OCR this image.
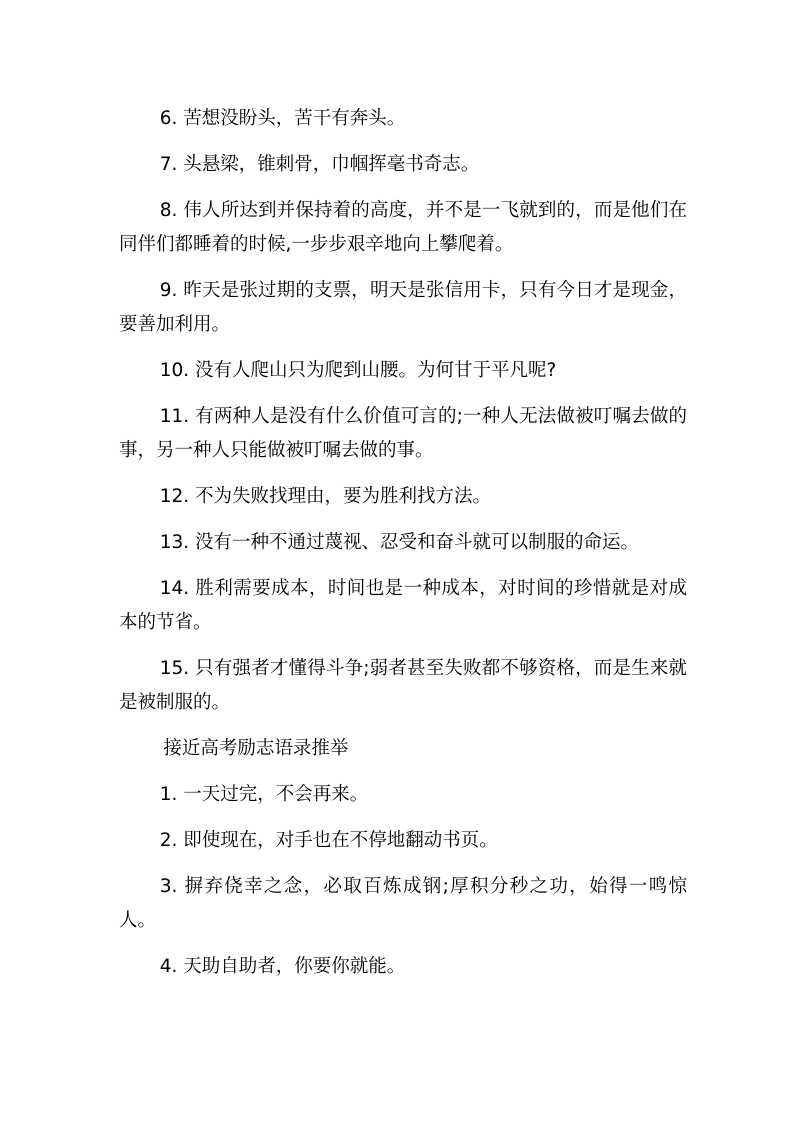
6. 苦想没盼头，苦干有奔头。

7. 头悬梁，锥刺骨，巾帼挥毫书奇志。

8. 伟人所达到并保持着的高度，并不是一飞就到的，而是他们在同伴们都睡着的时候,一步步艰辛地向上攀爬着。

9. 昨天是张过期的支票，明天是张信用卡，只有今日才是现金，要善加利用。

10. 没有人爬山只为爬到山腰。为何甘于平凡呢?

11. 有两种人是没有什么价值可言的;一种人无法做被叮嘱去做的事，另一种人只能做被叮嘱去做的事。

12. 不为失败找理由，要为胜利找方法。

13. 没有一种不通过蔑视、忍受和奋斗就可以制服的命运。

14. 胜利需要成本，时间也是一种成本，对时间的珍惜就是对成本的节省。

15. 只有强者才懂得斗争;弱者甚至失败都不够资格，而是生来就是被制服的。

接近高考励志语录推举

1. 一天过完，不会再来。

2. 即使现在，对手也在不停地翻动书页。

3. 摒弃侥幸之念，必取百炼成钢;厚积分秒之功，始得一鸣惊人。

4. 天助自助者，你要你就能。
